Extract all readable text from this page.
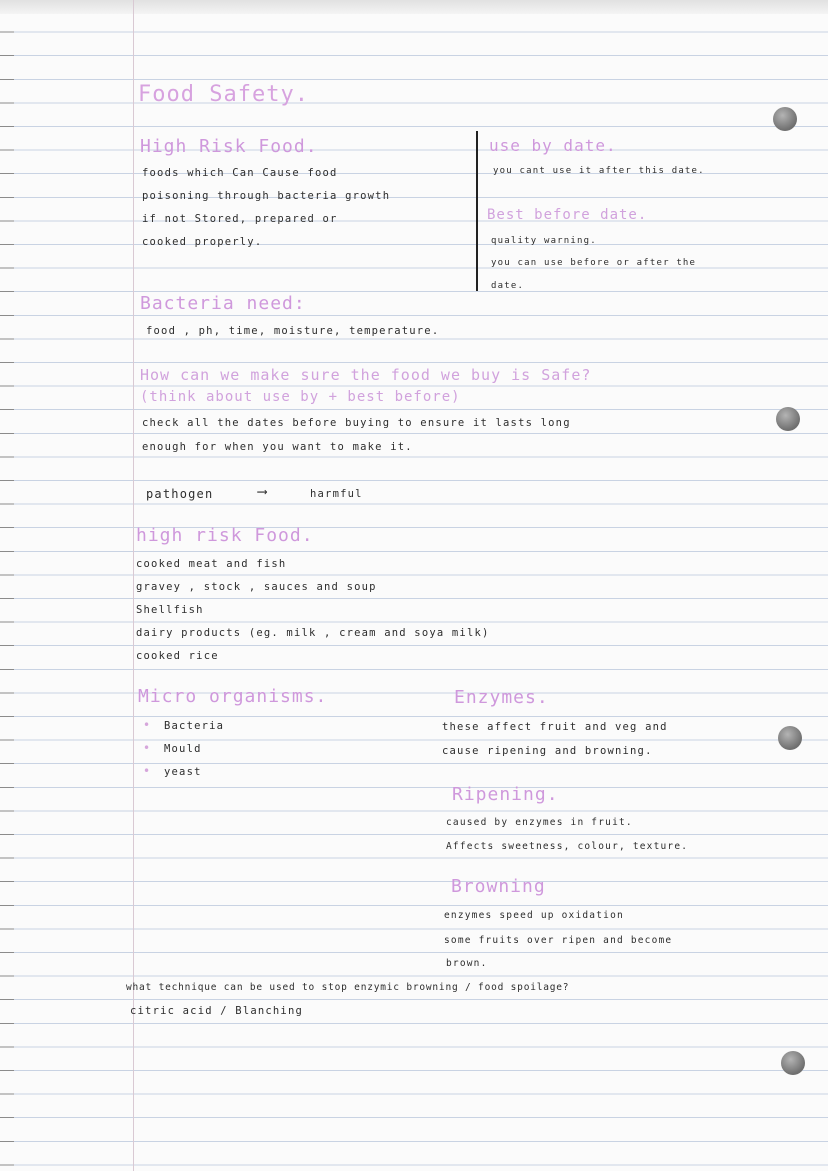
Food Safety.
High Risk Food.
foods which Can Cause food
poisoning through bacteria growth
if not Stored, prepared or
cooked properly.
use by date.
you cant use it after this date.
Best before date.
quality warning.
you can use before or after the
date.
Bacteria need:
food , ph, time, moisture, temperature.
How can we make sure the food we buy is Safe?
(think about use by + best before)
check all the dates before buying to ensure it lasts long
enough for when you want to make it.
pathogen	⟶	harmful
high risk Food.
cooked meat and fish
gravey , stock , sauces and soup
Shellfish
dairy products (eg. milk , cream and soya milk)
cooked rice
Micro organisms.
• Bacteria
• Mould
• yeast
Enzymes.
these affect fruit and veg and
cause ripening and browning.
Ripening.
caused by enzymes in fruit.
Affects sweetness, colour, texture.
Browning
enzymes speed up oxidation
some fruits over ripen and become
brown.
what technique can be used to stop enzymic browning / food spoilage?
citric acid / Blanching
